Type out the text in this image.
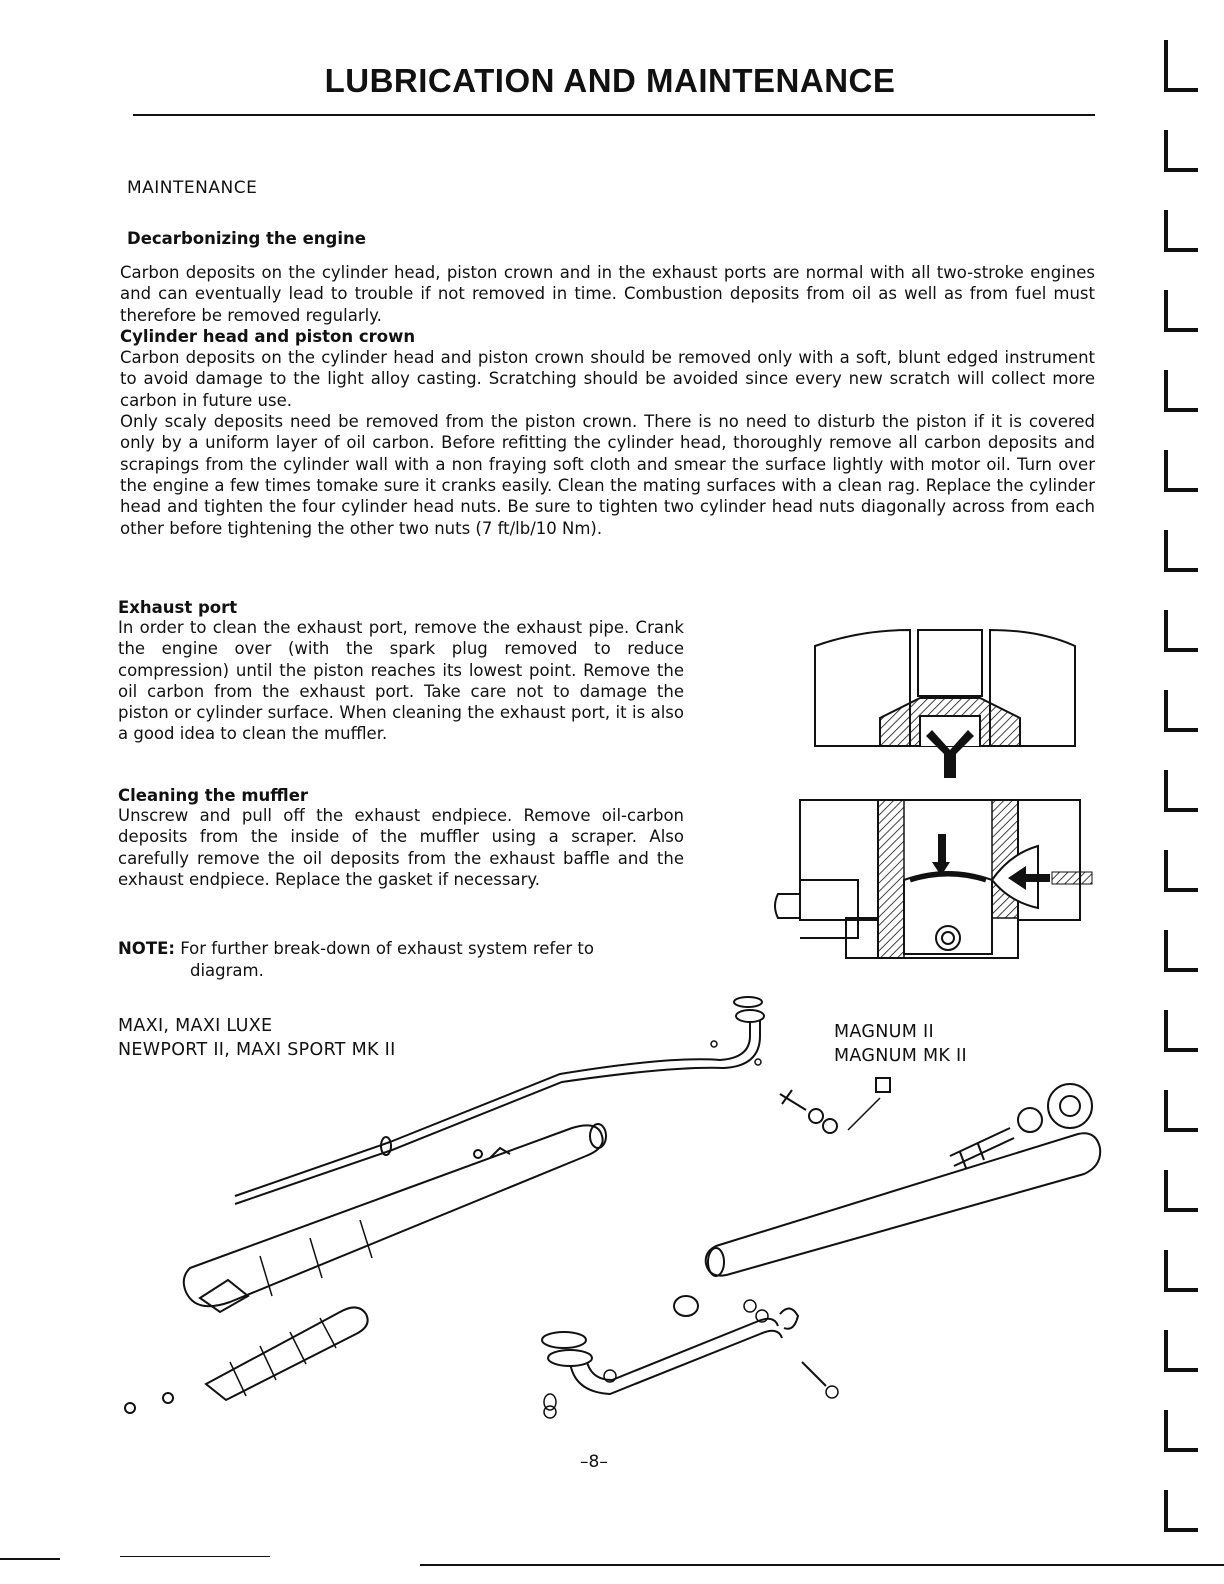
LUBRICATION AND MAINTENANCE
MAINTENANCE
Decarbonizing the engine
Carbon deposits on the cylinder head, piston crown and in the exhaust ports are normal with all two-stroke engines and can eventually lead to trouble if not removed in time. Combustion deposits from oil as well as from fuel must therefore be removed regularly.
Cylinder head and piston crown
Carbon deposits on the cylinder head and piston crown should be removed only with a soft, blunt edged instrument to avoid damage to the light alloy casting. Scratching should be avoided since every new scratch will collect more carbon in future use.
Only scaly deposits need be removed from the piston crown. There is no need to disturb the piston if it is covered only by a uniform layer of oil carbon. Before refitting the cylinder head, thoroughly remove all carbon deposits and scrapings from the cylinder wall with a non fraying soft cloth and smear the surface lightly with motor oil. Turn over the engine a few times tomake sure it cranks easily. Clean the mating surfaces with a clean rag. Replace the cylinder head and tighten the four cylinder head nuts. Be sure to tighten two cylinder head nuts diagonally across from each other before tightening the other two nuts (7 ft/lb/10 Nm).
Exhaust port

In order to clean the exhaust port, remove the exhaust pipe. Crank the engine over (with the spark plug removed to reduce compression) until the piston reaches its lowest point. Remove the oil carbon from the exhaust port. Take care not to damage the piston or cylinder surface. When cleaning the exhaust port, it is also a good idea to clean the muffler.

Cleaning the muffler

Unscrew and pull off the exhaust endpiece. Remove oil-carbon deposits from the inside of the muffler using a scraper. Also carefully remove the oil deposits from the exhaust baffle and the exhaust endpiece. Replace the gasket if necessary.

NOTE: For further break-down of exhaust system refer to
diagram.
MAXI, MAXI LUXE
NEWPORT II, MAXI SPORT MK II
MAGNUM II
MAGNUM MK II
–8–
